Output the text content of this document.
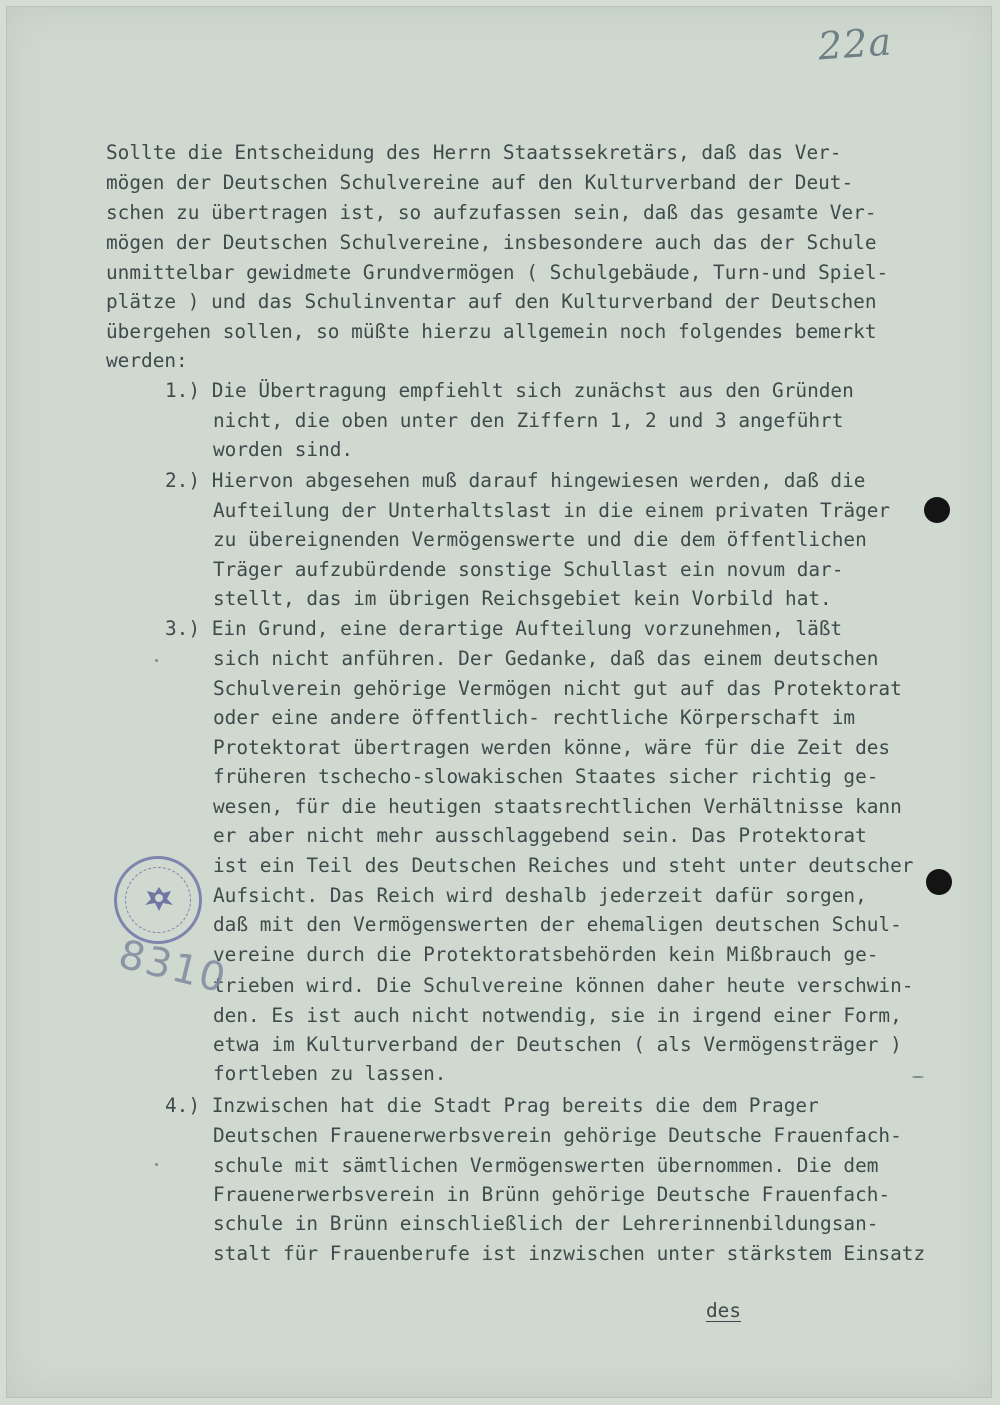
22a

Sollte die Entscheidung des Herrn Staatssekretärs, daß das Ver-

mögen der Deutschen Schulvereine auf den Kulturverband der Deut-

schen zu übertragen ist, so aufzufassen sein, daß das gesamte Ver-

mögen der Deutschen Schulvereine, insbesondere auch das der Schule

unmittelbar gewidmete Grundvermögen ( Schulgebäude, Turn-und Spiel-

plätze ) und das Schulinventar auf den Kulturverband der Deutschen

übergehen sollen, so müßte hierzu allgemein noch folgendes bemerkt

werden:

1.) Die Übertragung empfiehlt sich zunächst aus den Gründen

nicht, die oben unter den Ziffern 1, 2 und 3 angeführt

worden sind.

2.) Hiervon abgesehen muß darauf hingewiesen werden, daß die

Aufteilung der Unterhaltslast in die einem privaten Träger

zu übereignenden Vermögenswerte und die dem öffentlichen

Träger aufzubürdende sonstige Schullast ein novum dar-

stellt, das im übrigen Reichsgebiet kein Vorbild hat.

3.) Ein Grund, eine derartige Aufteilung vorzunehmen, läßt

sich nicht anführen. Der Gedanke, daß das einem deutschen

Schulverein gehörige Vermögen nicht gut auf das Protektorat

oder eine andere öffentlich- rechtliche Körperschaft im

Protektorat übertragen werden könne, wäre für die Zeit des

früheren tschecho-slowakischen Staates sicher richtig ge-

wesen, für die heutigen staatsrechtlichen Verhältnisse kann

er aber nicht mehr ausschlaggebend sein. Das Protektorat

ist ein Teil des Deutschen Reiches und steht unter deutscher

Aufsicht. Das Reich wird deshalb jederzeit dafür sorgen,

daß mit den Vermögenswerten der ehemaligen deutschen Schul-

vereine durch die Protektoratsbehörden kein Mißbrauch ge-

trieben wird. Die Schulvereine können daher heute verschwin-

den. Es ist auch nicht notwendig, sie in irgend einer Form,

etwa im Kulturverband der Deutschen ( als Vermögensträger )

fortleben zu lassen.

4.) Inzwischen hat die Stadt Prag bereits die dem Prager

Deutschen Frauenerwerbsverein gehörige Deutsche Frauenfach-

schule mit sämtlichen Vermögenswerten übernommen. Die dem

Frauenerwerbsverein in Brünn gehörige Deutsche Frauenfach-

schule in Brünn einschließlich der Lehrerinnenbildungsan-

stalt für Frauenberufe ist inzwischen unter stärkstem Einsatz

des
8310
